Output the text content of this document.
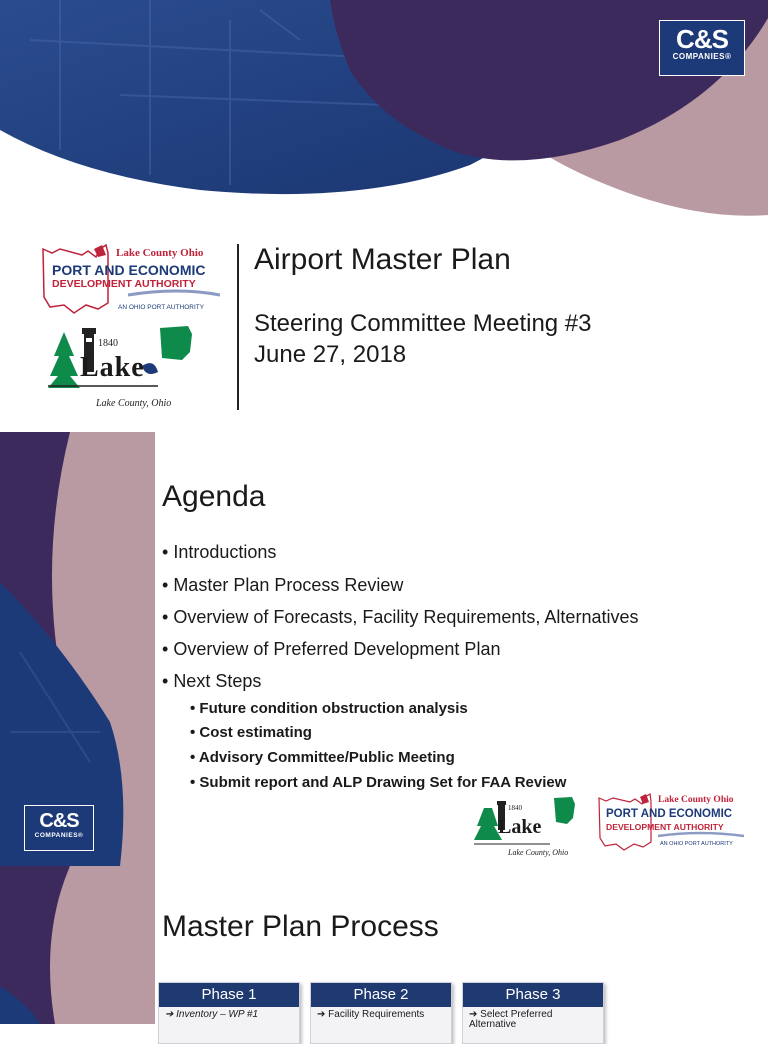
C&S
COMPANIES®
Lake County Ohio
PORT AND ECONOMIC
DEVELOPMENT AUTHORITY
AN OHIO PORT AUTHORITY
1840
Lake
Lake County, Ohio
Airport Master Plan
Steering Committee Meeting #3
June 27, 2018
C&S
COMPANIES®
Agenda
• Introductions
• Master Plan Process Review
• Overview of Forecasts, Facility Requirements, Alternatives
• Overview of Preferred Development Plan
• Next Steps
• Future condition obstruction analysis
• Cost estimating
• Advisory Committee/Public Meeting
• Submit report and ALP Drawing Set for FAA Review
1840
Lake
Lake County, Ohio
Lake County Ohio
PORT AND ECONOMIC
DEVELOPMENT AUTHORITY
AN OHIO PORT AUTHORITY
Master Plan Process
Phase 1
➔ Inventory – WP #1
Phase 2
➔ Facility Requirements
Phase 3
➔ Select Preferred Alternative
